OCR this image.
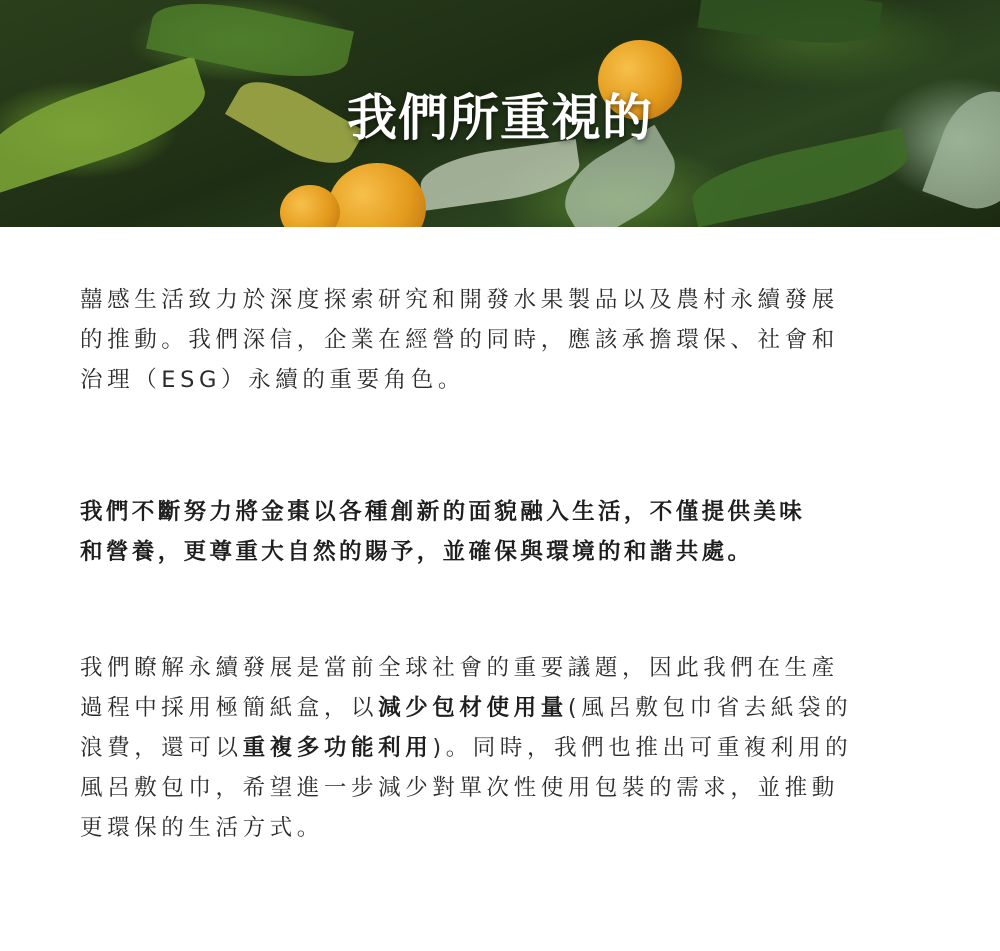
我們所重視的

囍感生活致力於深度探索研究和開發水果製品以及農村永續發展
的推動。我們深信，企業在經營的同時，應該承擔環保、社會和
治理（ESG）永續的重要角色。

我們不斷努力將金棗以各種創新的面貌融入生活，不僅提供美味
和營養，更尊重大自然的賜予，並確保與環境的和諧共處。

我們瞭解永續發展是當前全球社會的重要議題，因此我們在生產
過程中採用極簡紙盒，以減少包材使用量(風呂敷包巾省去紙袋的
浪費，還可以重複多功能利用)。同時，我們也推出可重複利用的
風呂敷包巾，希望進一步減少對單次性使用包裝的需求，並推動
更環保的生活方式。
